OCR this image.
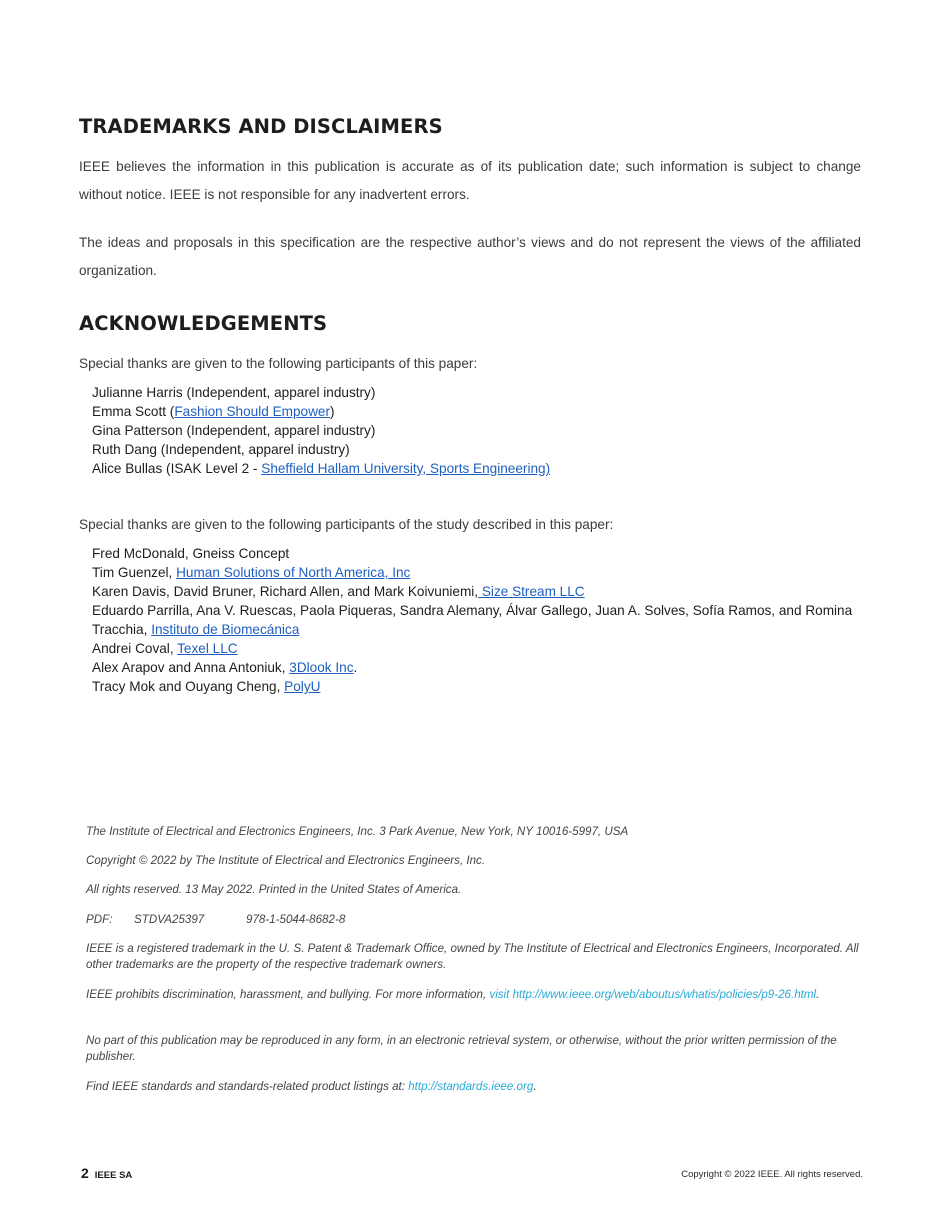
TRADEMARKS AND DISCLAIMERS

IEEE believes the information in this publication is accurate as of its publication date; such information is subject to change without notice. IEEE is not responsible for any inadvertent errors.

The ideas and proposals in this specification are the respective author’s views and do not represent the views of the affiliated organization.

ACKNOWLEDGEMENTS

Special thanks are given to the following participants of this paper:

Julianne Harris (Independent, apparel industry)
Emma Scott (Fashion Should Empower)
Gina Patterson (Independent, apparel industry)
Ruth Dang (Independent, apparel industry)
Alice Bullas (ISAK Level 2 - Sheffield Hallam University, Sports Engineering)

Special thanks are given to the following participants of the study described in this paper:

Fred McDonald, Gneiss Concept
Tim Guenzel, Human Solutions of North America, Inc
Karen Davis, David Bruner, Richard Allen, and Mark Koivuniemi, Size Stream LLC
Eduardo Parrilla, Ana V. Ruescas, Paola Piqueras, Sandra Alemany, Álvar Gallego, Juan A. Solves, Sofía Ramos, and Romina
Tracchia, Instituto de Biomecánica
Andrei Coval, Texel LLC
Alex Arapov and Anna Antoniuk, 3Dlook Inc.
Tracy Mok and Ouyang Cheng, PolyU

The Institute of Electrical and Electronics Engineers, Inc. 3 Park Avenue, New York, NY 10016-5997, USA

Copyright © 2022 by The Institute of Electrical and Electronics Engineers, Inc.

All rights reserved. 13 May 2022. Printed in the United States of America.

PDF: STDVA25397	978-1-5044-8682-8

IEEE is a registered trademark in the U. S. Patent & Trademark Office, owned by The Institute of Electrical and Electronics Engineers, Incorporated. All other trademarks are the property of the respective trademark owners.

IEEE prohibits discrimination, harassment, and bullying. For more information, visit http://www.ieee.org/web/aboutus/whatis/policies/p9-26.html.

No part of this publication may be reproduced in any form, in an electronic retrieval system, or otherwise, without the prior written permission of the publisher.

Find IEEE standards and standards-related product listings at: http://standards.ieee.org.

2 IEEE SA	Copyright © 2022 IEEE. All rights reserved.
